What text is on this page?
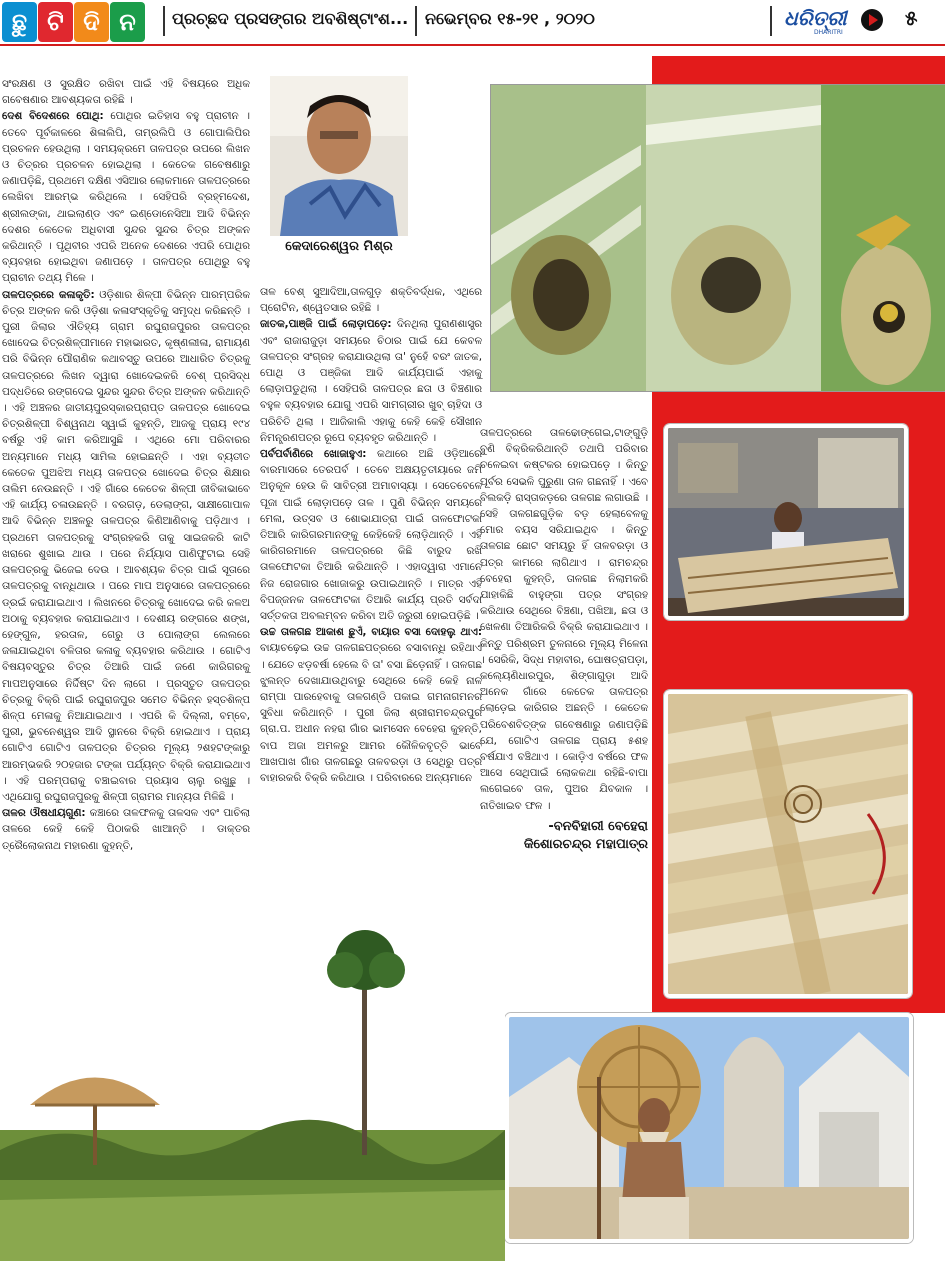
ଛୁ ଟି ଦି ନ	ପ୍ରଚ୍ଛଦ ପ୍ରସଙ୍ଗର ଅବଶିଷ୍ଟାଂଶ... ନଭେମ୍ବର ୧୫-୨୧ , ୨୦୨୦	ଧରିତ୍ରୀ
DHARITRI
୫
କେଦାରେଶ୍ୱର ମିଶ୍ର

ସଂରକ୍ଷଣ ଓ ସୁରକ୍ଷିତ ରଖିବା ପାଇଁ ଏହି ବିଷୟରେ ଅଧିକ ଗବେଷଣାର ଆବଶ୍ୟକତା ରହିଛି ।

ଦେଶ ବିଦେଶରେ ପୋଥି: ପୋଥିର ଇତିହାସ ବହୁ ପ୍ରାଚୀନ । ତେବେ ପୂର୍ବକାଳରେ ଶିଳାଲିପି, ତାମ୍ରଲିପି ଓ ଗୋପାଲିପିର ପ୍ରଚଳନ ହେଉଥିଲା । ସମୟକ୍ରମେ ତାଳପତ୍ର ଉପରେ ଲିଖନ ଓ ଚିତ୍ରର ପ୍ରଚଳନ ହୋଇଥିଲା । କେତେକ ଗବେଷଣାରୁ ଜଣାପଡ଼ିଛି, ପ୍ରଥମେ ଦକ୍ଷିଣ ଏସିଆର ଲୋକମାନେ ତାଳପତ୍ରରେ ଲେଖିବା ଆରମ୍ଭ କରିଥିଲେ । ସେହିପରି ବ୍ରହ୍ମଦେଶ, ଶ୍ରୀଲଙ୍କା, ଥାଇଲାଣ୍ଡ ଏବଂ ଇଣ୍ଡୋନେସିଆ ଆଦି ବିଭିନ୍ନ ଦେଶର କେତେକ ଅଧିବାସୀ ସୁନ୍ଦର ସୁନ୍ଦର ଚିତ୍ର ଅଙ୍କନ କରିଥାନ୍ତି । ପୃଥିବୀର ଏପରି ଅନେକ ଦେଶରେ ଏପରି ପୋଥିର ବ୍ୟବହାର ହୋଇଥିବା ଜଣାପଡ଼େ । ତାଳପତ୍ର ପୋଥିରୁ ବହୁ ପ୍ରାଚୀନ ତଥ୍ୟ ମିଳେ ।

ତାଳପତ୍ରରେ କଳାକୃତି: ଓଡ଼ିଶାର ଶିଳ୍ପୀ ବିଭିନ୍ନ ପାରମ୍ପରିକ ଚିତ୍ର ଅଙ୍କନ କରି ଓଡ଼ିଶା କଳାସଂସ୍କୃତିକୁ ସମୃଦ୍ଧ କରିଛନ୍ତି । ପୁରୀ ଜିଲାର ଐତିହ୍ୟ ଗ୍ରାମ ରଘୁରାଜପୁରର ତାଳପତ୍ର ଖୋଦେଇ ଚିତ୍ରଶିଳ୍ପୀମାନେ ମହାଭାରତ, କୃଷ୍ଣଲୀଳା, ରାମାୟଣ ପରି ବିଭିନ୍ନ ପୌରାଣିକ କଥାବସ୍ତୁ ଉପରେ ଆଧାରିତ ଚିତ୍ରକୁ ତାଳପତ୍ରରେ ଲିଖନ ଦ୍ୱାରା ଖୋଦେଇକରି ବେଶ୍‌ ପ୍ରସିଦ୍ଧ ପଦ୍ଧତିରେ ରଙ୍ଗଦେଇ ସୁନ୍ଦର ସୁନ୍ଦର ଚିତ୍ର ଅଙ୍କନ କରିଥାନ୍ତି । ଏହି ଅଞ୍ଚଳର ଜାତୀୟପୁରସ୍କାରପ୍ରାପ୍ତ ତାଳପତ୍ର ଖୋଦେଇ ଚିତ୍ରଶିଳ୍ପୀ ବିଶ୍ୱନାଥ ସ୍ୱାଇଁ କୁହନ୍ତି, ଆଜକୁ ପ୍ରାୟ ୧୯୪ ବର୍ଷରୁ ଏହି କାମ କରିଆସୁଛି । ଏଥିରେ ମୋ ପରିବାରର ଅନ୍ୟମାନେ ମଧ୍ୟ ସାମିଲ ହୋଇଛନ୍ତି । ଏହା ବ୍ୟତୀତ କେତେକ ପୁଅଝିଅ ମଧ୍ୟ ତାଳପତ୍ର ଖୋଦେଇ ଚିତ୍ର ଶିକ୍ଷାର ତାଲିମ ନେଉଛନ୍ତି । ଏହି ଗାଁରେ କେତେକ ଶିଳ୍ପୀ ଜୀବିକାଭାବେ ଏହି କାର୍ଯ୍ୟ ଚଳାଉଛନ୍ତି । ବରଗଡ଼, ଡେଲାଙ୍ଗ, ସାକ୍ଷୀଗୋପାଳ ଆଦି ବିଭିନ୍ନ ଅଞ୍ଚଳରୁ ତାଳପତ୍ର କିଣିଆଣିବାକୁ ପଡ଼ିଥାଏ । ପ୍ରଥମେ ତାଳପତ୍ରକୁ ସଂଗ୍ରହକରି ତାକୁ ସାଇଜକରି କାଟି ଖରାରେ ଶୁଖାଇ ଥାଉ । ପରେ ନିର୍ଯ୍ୟାସ ପାଣିଫୁଟାଇ ସେହି ତାଳପତ୍ରକୁ ଭିଜେଇ ଦେଉ । ଆବଶ୍ୟକ ଚିତ୍ର ପାଇଁ ସୂତାରେ ତାଳପତ୍ରକୁ ବାନ୍ଧିଥାଉ । ପରେ ମାପ ଅନୁସାରେ ତାଳପତ୍ରରେ ଡ୍ରଇଁ କରାଯାଇଥାଏ । ଲିଖନରେ ଚିତ୍ରକୁ ଖୋଦେଇ କରି କଳଅ ଅଠାକୁ ବ୍ୟବହାର କରାଯାଇଥାଏ । ଦେଶୀୟ ରଙ୍ଗରେ ଶଙ୍ଖ, ହେଙ୍ଗୁଳ, ହରତାଳ, ଗେରୁ ଓ ପୋଲାଙ୍ଗ ଲେଲରେ ଜଳାଯାଇଥିବା ବଳିତାର କଳାକୁ ବ୍ୟବହାର କରିଥାଉ । ଗୋଟିଏ ବିଷୟବସ୍ତୁର ଚିତ୍ର ତିଆରି ପାଇଁ ଜଣେ କାରିଗରକୁ ମାପଅନୁସାରେ ନିର୍ଦ୍ଦିଷ୍ଟ ଦିନ ଲାଗେ । ପ୍ରସ୍ତୁତ ତାଳପତ୍ର ଚିତ୍ରକୁ ବିକ୍ରି ପାଇଁ ରଘୁରାଜପୁର ସମେତ ବିଭିନ୍ନ ହସ୍ତଶିଳ୍ପ ଶିଳ୍ପ ମେଳାକୁ ନିଆଯାଇଥାଏ । ଏପରି କି ଦିଲ୍ଲୀ, ବମ୍ବେ, ପୁରୀ, ଭୁବନେଶ୍ୱର ଆଦି ସ୍ଥାନରେ ବିକ୍ରି ହୋଇଥାଏ । ପ୍ରାୟ ଗୋଟିଏ ଗୋଟିଏ ତାଳପତ୍ର ଚିତ୍ରର ମୂଲ୍ୟ ୨ଶହଟଙ୍କାରୁ ଆରମ୍ଭକରି ୨୦ହଜାର ଟଙ୍କା ପର୍ଯ୍ୟନ୍ତ ବିକ୍ରି କରାଯାଇଥାଏ । ଏହି ପରମ୍ପରାକୁ ବଞ୍ଚାଇବାର ପ୍ରୟାସ ଚାଲୁ ରଖୁଛୁ । ଏଥିଯୋଗୁ ରଘୁରାଜପୁରକୁ ଶିଳ୍ପୀ ଗ୍ରାମର ମାନ୍ୟତା ମିଳିଛି ।

ତାଳର ଔଷଧୀୟଗୁଣ: କଞ୍ଚାରେ ତାଳଫଳକୁ ତାଳସଳ ଏବଂ ପାଚିଲା ତାଳରେ କେହି କେହି ପିଠାକରି ଖାଆନ୍ତି । ଡାକ୍ତର ତ୍ରୈଲୋକନାଥ ମହାରଣା କୁହନ୍ତି,

ତାଳ ବେଶ୍‌ ସୁଆଦିଆ,ତାଳଗୁଡ଼ ଶକ୍ତିବର୍ଦ୍ଧକ, ଏଥିରେ ପ୍ରୋଟିନ, ଶ୍ୱେତସାର ରହିଛି ।

ଜାତକ,ପାଞ୍ଜି ପାଇଁ ଲୋଡ଼ାପଡ଼େ: ଦିନଥିଲା ପୁରାଣଶାସ୍ତ୍ର ଏବଂ ରାଜାରାଜୁଡ଼ା ସମୟରେ ଚିଠାର ପାଇଁ ଯେ କେବଳ ତାଳପତ୍ର ସଂଗ୍ରହ କରାଯାଉଥିଲା ତା' ନୁହେଁ ବରଂ ଜାତକ, ପୋଥି ଓ ପଞ୍ଜିକା ଆଦି କାର୍ଯ୍ୟପାଇଁ ଏହାକୁ ଲୋଡ଼ାପଡୁଥିଲା । ସେହିପରି ତାଳପତ୍ର ଛତା ଓ ବିଞ୍ଚଣାର ବହୁଳ ବ୍ୟବହାର ଯୋଗୁ ଏପରି ସାମଗ୍ରୀର ଖୁବ୍‌ ଚାହିଦା ଓ ପରିଚିତି ଥିଲା । ଆଜିକାଲି ଏହାକୁ କେହି କେହି ସୌଖୀନ ନିମନ୍ତ୍ରଣପତ୍ର ରୂପେ ବ୍ୟବହୃତ କରିଥାନ୍ତି ।

ପର୍ବପର୍ବାଣିରେ ଖୋଜାହୁଏ: କଥାରେ ଅଛି ଓଡ଼ିଆରେ ବାରମାସରେ ତେରପର୍ବ । ତେବେ ଅକ୍ଷୟତୃତୀୟାରେ ଜମି ଅନୁକୂଳ ହେଉ କି ସାବିତ୍ରୀ ଅମାବାସ୍ୟା । ସେତେବେଳେ ପୂଜା ପାଇଁ ଲୋଡ଼ାପଡ଼େ ତାଳ । ପୁଣି ବିଭିନ୍ନ ସମୟରେ ମେଳା, ଉତ୍ସବ ଓ ଶୋଭାଯାତ୍ରା ପାଇଁ ତାଳଫୋଟକା ତିଆରି କାରିଗରମାନଙ୍କୁ କେହିକେହି ଲୋଡ଼ିଥାନ୍ତି । ଏହି କାରିଗରମାନେ ତାଳପତ୍ରରେ କିଛି ବାରୁଦ ରଖି ତାଳଫୋଟକା ତିଆରି କରିଥାନ୍ତି । ଏହାଦ୍ୱାରା ଏମାନେ ନିଜ ରୋଜଗାର ଖୋଜାକରୁ ଉପାଇଥାନ୍ତି । ମାତ୍ର ଏହି ବିପଜ୍ଜନକ ତାଳଫୋଟକା ତିଆରି କାର୍ଯ୍ୟ ପ୍ରତି ସର୍ବଦା ସର୍ତ୍ତକତା ଅବଲମ୍ବନ କରିବା ଅତି ଜରୁରୀ ହୋଇପଡ଼ିଛି ।

ଉଚ୍ଚ ତାଳଗଛ ଆକାଶ ଛୁଏଁ, ବାୟାର ବସା ଦୋହଲୁ ଥାଏ: ବାୟାଚଢ଼େଇ ଉଚ୍ଚ ତାଳଗଛପତ୍ରରେ ବସାବାନ୍ଧି ରହିଥାଏ । ଯେତେ ଝଡ଼ବର୍ଷା ହେଲେ ବି ତା' ବସା ଛିଡ଼େନାହିଁ । ତାଳଗଛ ଝୁଲନ୍ତ ଦେଖାଯାଉଥିବାରୁ ସେଥିରେ କେହି କେହି ନାଳ ରାମ୍ପା ପାରହେବାକୁ ତାଳଗଣ୍ଡି ପକାଇ ଗମନାଗମନର ସୁବିଧା କରିଥାନ୍ତି । ପୁରୀ ଜିଲା ଶ୍ରୀରାମଚନ୍ଦ୍ରପୁର ଗ୍ରା.ପ. ଅଧୀନ ନହରା ଗାଁର ଭାମସେନ ବେହେରା କୁହନ୍ତି, ବାପ ଅଜା ଅମଳରୁ ଆମର କୌଳିକବୃତ୍ତି ଭାବେ ଆଖପାଖ ଗାଁର ତାଳଗଛରୁ ତାଳବରଡ଼ା ଓ ସେଥିରୁ ପତ୍ର ବାହାରକରି ବିକ୍ରି କରିଥାଉ । ପରିବାରରେ ଅନ୍ୟମାନେ

ତାଳପତ୍ରରେ ତାଳଢୋଙ୍ଗେଇ,ଟାଙ୍ଗୁଡ଼ି ବୁଣି ବିକ୍ରିକରିଥାନ୍ତି ତଥାପି ପରିବାର ଚଳେଇବା କଷ୍ଟକର ହୋଇପଡ଼େ । କିନ୍ତୁ ପୂର୍ବର ସେଭଳି ପୁରୁଣା ତାଳ ଗଛନାହିଁ । ଏବେ ବିଲକଡ଼ି ରାସ୍ତାକଡ଼ରେ ତାଳଗଛ ଲଗାଉଛି । ସେହି ତାଳଗଛଗୁଡ଼ିକ ବଡ଼ ହେଲାବେଳକୁ ମୋର ବୟସ ସରିଯାଇଥିବ । କିନ୍ତୁ ତାଳଗଛ ଛୋଟ ସମୟରୁ ହିଁ ତାଳବରଡ଼ା ଓ ପତ୍ର କାମରେ ଲାଗିଥାଏ । ରାମଚନ୍ଦ୍ର ବେହେରା କୁହନ୍ତି, ତାଳଗଛ ନିଲାମକରି ଯାହାକିଛି ବାହୁଙ୍ଗା ପତ୍ର ସଂଗ୍ରହ କରିଥାଉ ସେଥିରେ ବିଞ୍ଚଣା, ପଖିଆ, ଛତା ଓ ଖେଳଣା ତିଆରିକରି ବିକ୍ରି କରାଯାଇଥାଏ । କିନ୍ତୁ ପରିଶ୍ରମ ତୁଳନାରେ ମୂଲ୍ୟ ମିଳେନା । ସେରିକି, ସିଦ୍ଧ ମହାବୀର, ଘୋଷତ୍ରାପଡ଼ା, କଲ୍ୟେଣିଧାରପୁର, ଶିଙ୍ଗାଗୁଡ଼ା ଆଦି ଅନେକ ଗାଁରେ କେତେକ ତାଳପତ୍ର ଲୋଡ଼େଇ କାରିଗର ଅଛନ୍ତି । କେତେକ ପରିବେଶବିତ୍‌ଙ୍କ ଗବେଷଣାରୁ ଜଣାପଡ଼ିଛି ଯେ, ଗୋଟିଏ ତାଳଗଛ ପ୍ରାୟ ୫ଶହ ବର୍ଷଯାଏ ବଞ୍ଚିଥାଏ । କୋଡ଼ିଏ ବର୍ଷରେ ଫଳ ଆସେ ସେଥିପାଇଁ ଲୋକକଥା ରହିଛି-ବାପା ଲଗେଇବେ ତାଳ, ପୁଅର ଯିବକାଳ । ନାତିଖାଇବ ଫଳ ।

-ବନବିହାରୀ ବେହେରା

କିଶୋରଚନ୍ଦ୍ର ମହାପାତ୍ର
